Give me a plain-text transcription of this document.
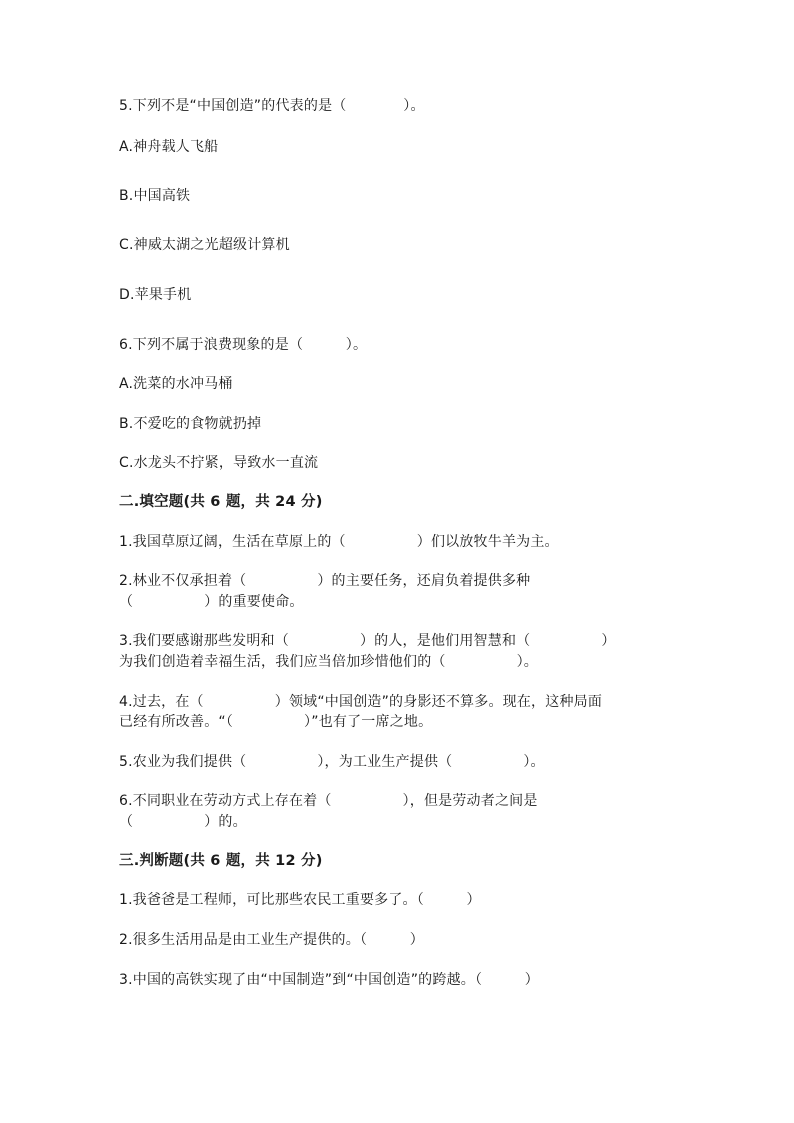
5.下列不是“中国创造”的代表的是（　　　　）。
A.神舟载人飞船
B.中国高铁
C.神威太湖之光超级计算机
D.苹果手机
6.下列不属于浪费现象的是（　　　）。
A.洗菜的水冲马桶
B.不爱吃的食物就扔掉
C.水龙头不拧紧，导致水一直流
二.填空题(共 6 题，共 24 分)
1.我国草原辽阔，生活在草原上的（　　　　　）们以放牧牛羊为主。
2.林业不仅承担着（　　　　　）的主要任务，还肩负着提供多种
（　　　　　）的重要使命。
3.我们要感谢那些发明和（　　　　　）的人，是他们用智慧和（　　　　　）
为我们创造着幸福生活，我们应当倍加珍惜他们的（　　　　　）。
4.过去，在（　　　　　）领域“中国创造”的身影还不算多。现在，这种局面
已经有所改善。“（　　　　　）”也有了一席之地。
5.农业为我们提供（　　　　　），为工业生产提供（　　　　　）。
6.不同职业在劳动方式上存在着（　　　　　），但是劳动者之间是
（　　　　　）的。
三.判断题(共 6 题，共 12 分)
1.我爸爸是工程师，可比那些农民工重要多了。（　　　）
2.很多生活用品是由工业生产提供的。（　　　）
3.中国的高铁实现了由“中国制造”到“中国创造”的跨越。（　　　）
